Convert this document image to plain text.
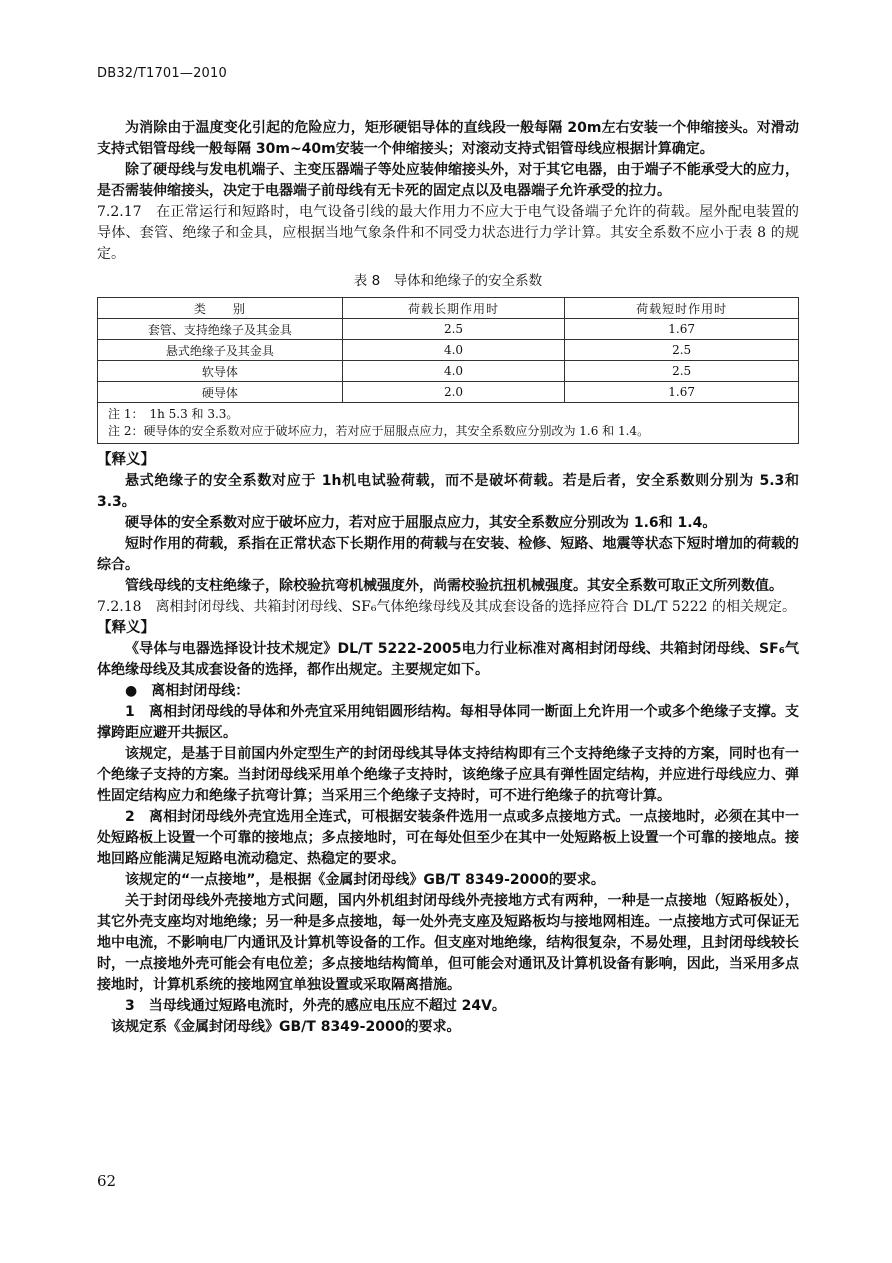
DB32/T1701—2010

为消除由于温度变化引起的危险应力，矩形硬铝导体的直线段一般每隔 20m左右安装一个伸缩接头。对滑动支持式铝管母线一般每隔 30m~40m安装一个伸缩接头；对滚动支持式铝管母线应根据计算确定。

除了硬母线与发电机端子、主变压器端子等处应装伸缩接头外，对于其它电器，由于端子不能承受大的应力，是否需装伸缩接头，决定于电器端子前母线有无卡死的固定点以及电器端子允许承受的拉力。

7.2.17　在正常运行和短路时，电气设备引线的最大作用力不应大于电气设备端子允许的荷载。屋外配电装置的导体、套管、绝缘子和金具，应根据当地气象条件和不同受力状态进行力学计算。其安全系数不应小于表 8 的规定。

表 8　导体和绝缘子的安全系数
类　　别	荷载长期作用时	荷载短时作用时
套管、支持绝缘子及其金具	2.5	1.67
悬式绝缘子及其金具	4.0	2.5
软导体	4.0	2.5
硬导体	2.0	1.67

注 1：　1h 5.3 和 3.3。
注 2：硬导体的安全系数对应于破坏应力，若对应于屈服点应力，其安全系数应分别改为 1.6 和 1.4。		
【释义】

悬式绝缘子的安全系数对应于 1h机电试验荷载，而不是破坏荷载。若是后者，安全系数则分别为 5.3和 3.3。

硬导体的安全系数对应于破坏应力，若对应于屈服点应力，其安全系数应分别改为 1.6和 1.4。

短时作用的荷载，系指在正常状态下长期作用的荷载与在安装、检修、短路、地震等状态下短时增加的荷载的综合。

管线母线的支柱绝缘子，除校验抗弯机械强度外，尚需校验抗扭机械强度。其安全系数可取正文所列数值。

7.2.18　离相封闭母线、共箱封闭母线、SF₆气体绝缘母线及其成套设备的选择应符合 DL/T 5222 的相关规定。

【释义】

《导体与电器选择设计技术规定》DL/T 5222-2005电力行业标准对离相封闭母线、共箱封闭母线、SF₆气体绝缘母线及其成套设备的选择，都作出规定。主要规定如下。

●　离相封闭母线：

1　离相封闭母线的导体和外壳宜采用纯铝圆形结构。每相导体同一断面上允许用一个或多个绝缘子支撑。支撑跨距应避开共振区。

该规定，是基于目前国内外定型生产的封闭母线其导体支持结构即有三个支持绝缘子支持的方案，同时也有一个绝缘子支持的方案。当封闭母线采用单个绝缘子支持时，该绝缘子应具有弹性固定结构，并应进行母线应力、弹性固定结构应力和绝缘子抗弯计算；当采用三个绝缘子支持时，可不进行绝缘子的抗弯计算。

2　离相封闭母线外壳宜选用全连式，可根据安装条件选用一点或多点接地方式。一点接地时，必须在其中一处短路板上设置一个可靠的接地点；多点接地时，可在每处但至少在其中一处短路板上设置一个可靠的接地点。接地回路应能满足短路电流动稳定、热稳定的要求。

该规定的“一点接地”，是根据《金属封闭母线》GB/T 8349-2000的要求。

关于封闭母线外壳接地方式问题，国内外机组封闭母线外壳接地方式有两种，一种是一点接地（短路板处），其它外壳支座均对地绝缘；另一种是多点接地，每一处外壳支座及短路板均与接地网相连。一点接地方式可保证无地中电流，不影响电厂内通讯及计算机等设备的工作。但支座对地绝缘，结构很复杂，不易处理，且封闭母线较长时，一点接地外壳可能会有电位差；多点接地结构简单，但可能会对通讯及计算机设备有影响，因此，当采用多点接地时，计算机系统的接地网宜单独设置或采取隔离措施。

3　当母线通过短路电流时，外壳的感应电压应不超过 24V。

该规定系《金属封闭母线》GB/T 8349-2000的要求。

62
